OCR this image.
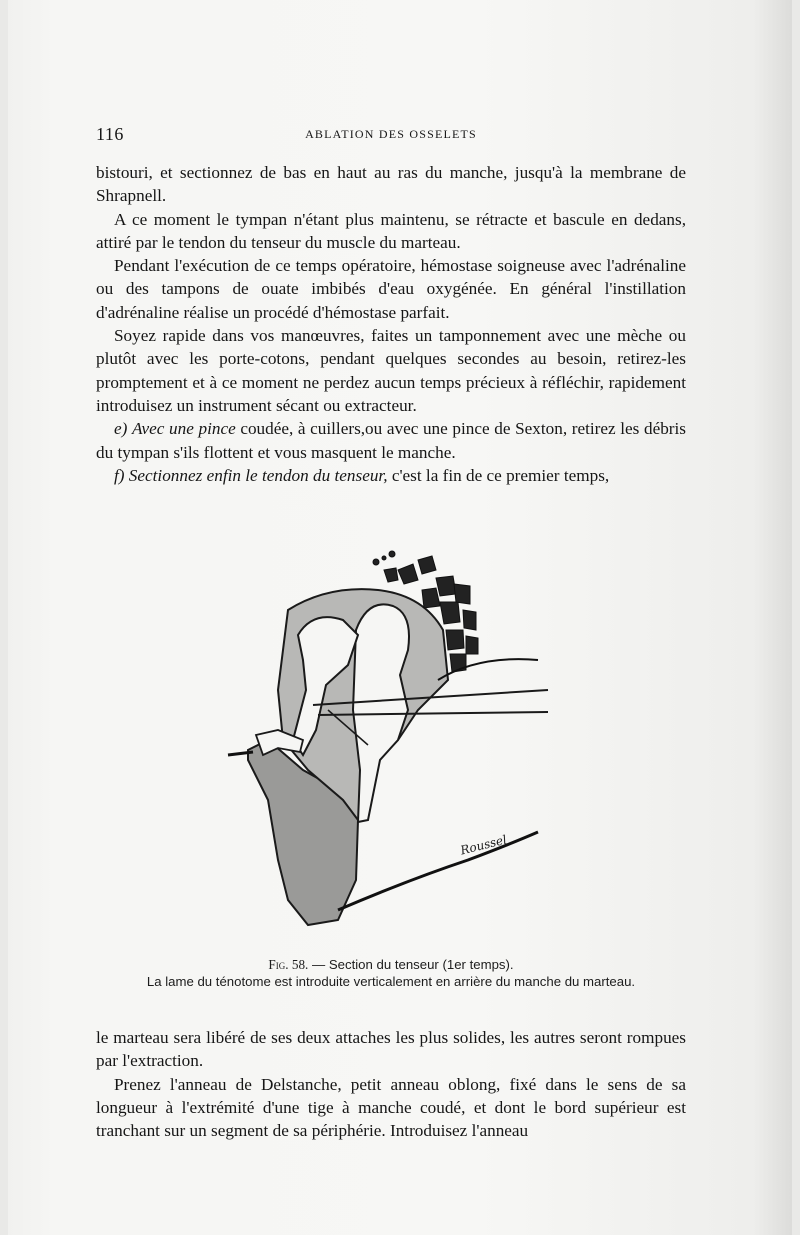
116	ABLATION DES OSSELETS

bistouri, et sectionnez de bas en haut au ras du manche, jusqu'à la membrane de Shrapnell.

A ce moment le tympan n'étant plus maintenu, se rétracte et bascule en dedans, attiré par le tendon du tenseur du muscle du marteau.

Pendant l'exécution de ce temps opératoire, hémostase soigneuse avec l'adrénaline ou des tampons de ouate imbibés d'eau oxygénée. En général l'instillation d'adrénaline réalise un procédé d'hémostase parfait.

Soyez rapide dans vos manœuvres, faites un tamponnement avec une mèche ou plutôt avec les porte-cotons, pendant quelques secondes au besoin, retirez-les promptement et à ce moment ne perdez aucun temps précieux à réfléchir, rapidement introduisez un instrument sécant ou extracteur.

e) Avec une pince coudée, à cuillers,ou avec une pince de Sexton, retirez les débris du tympan s'ils flottent et vous masquent le manche.

f) Sectionnez enfin le tendon du tenseur, c'est la fin de ce premier temps,

Roussel
Fig. 58. — Section du tenseur (1er temps).
La lame du ténotome est introduite verticalement en arrière du manche du marteau.

le marteau sera libéré de ses deux attaches les plus solides, les autres seront rompues par l'extraction.

Prenez l'anneau de Delstanche, petit anneau oblong, fixé dans le sens de sa longueur à l'extrémité d'une tige à manche coudé, et dont le bord supérieur est tranchant sur un segment de sa périphérie. Introduisez l'anneau
